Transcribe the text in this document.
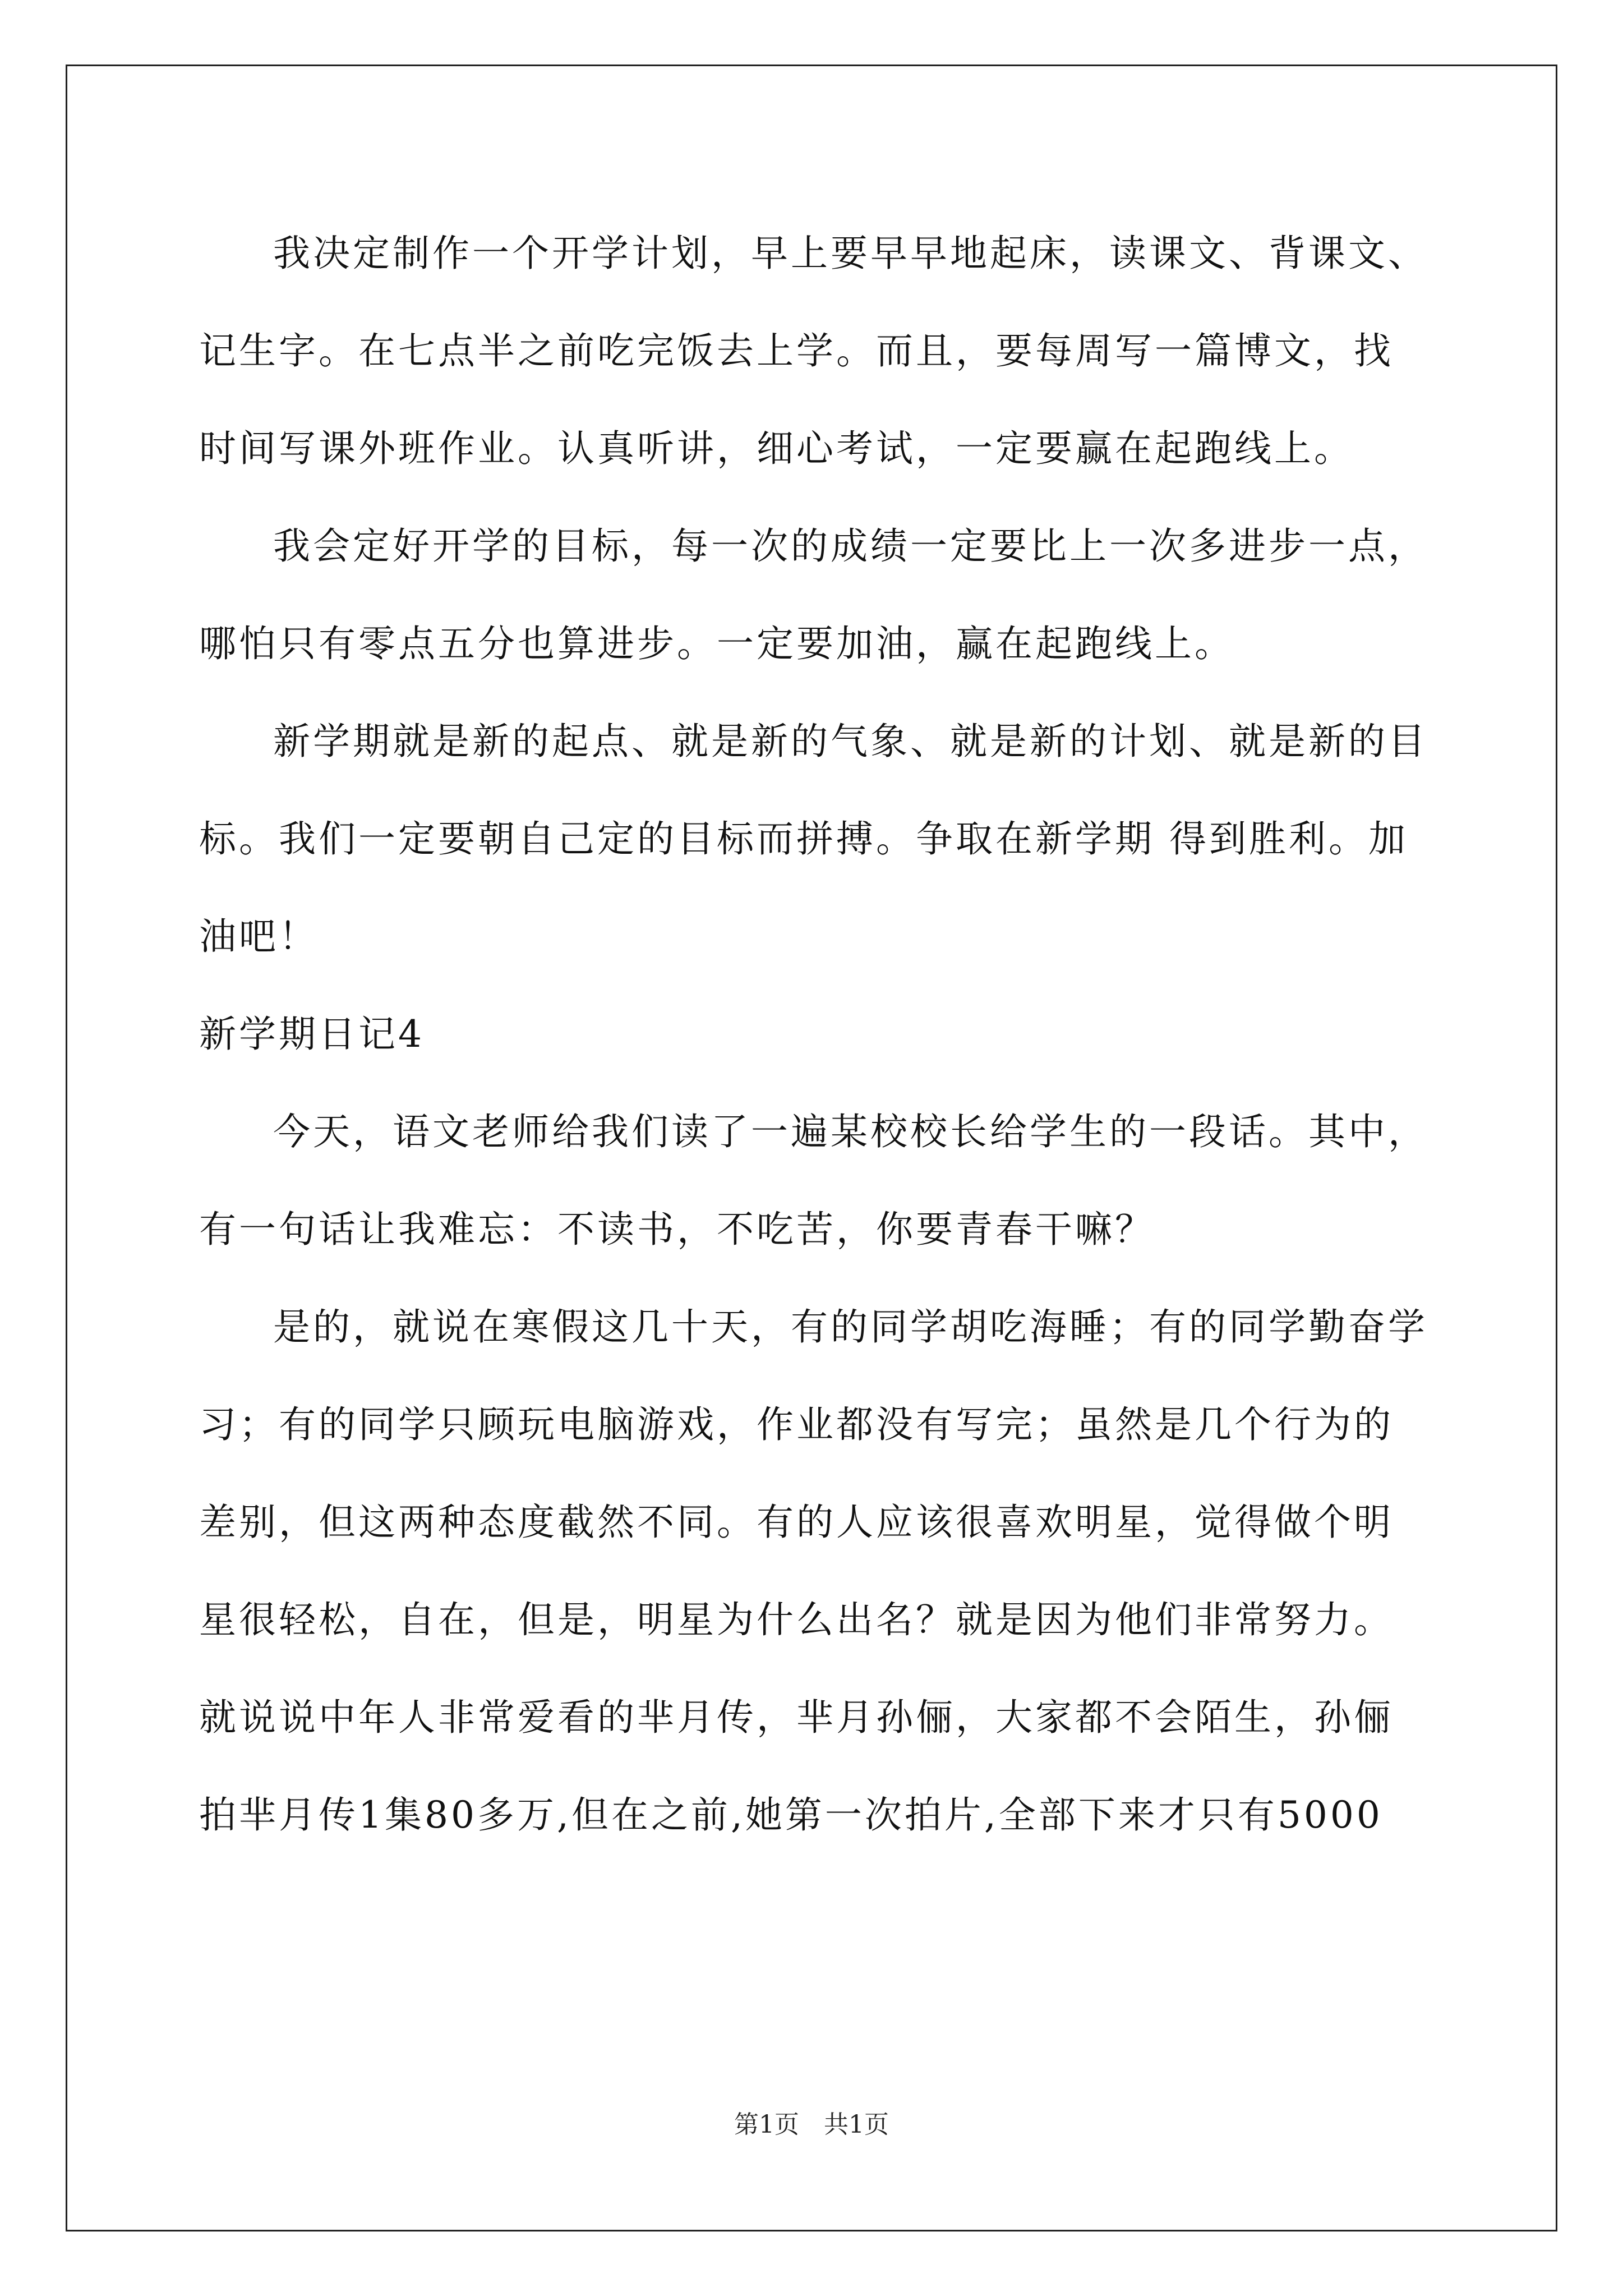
我决定制作一个开学计划，早上要早早地起床，读课文、背课文、记生字。在七点半之前吃完饭去上学。而且，要每周写一篇博文，找时间写课外班作业。认真听讲，细心考试，一定要赢在起跑线上。

我会定好开学的目标，每一次的成绩一定要比上一次多进步一点，哪怕只有零点五分也算进步。一定要加油，赢在起跑线上。

新学期就是新的起点、就是新的气象、就是新的计划、就是新的目标。我们一定要朝自己定的目标而拼搏。争取在新学期 得到胜利。加油吧！

新学期日记4

今天，语文老师给我们读了一遍某校校长给学生的一段话。其中，有一句话让我难忘：不读书，不吃苦，你要青春干嘛？

是的，就说在寒假这几十天，有的同学胡吃海睡；有的同学勤奋学习；有的同学只顾玩电脑游戏，作业都没有写完；虽然是几个行为的差别，但这两种态度截然不同。有的人应该很喜欢明星，觉得做个明星很轻松，自在，但是，明星为什么出名？就是因为他们非常努力。就说说中年人非常爱看的芈月传，芈月孙俪，大家都不会陌生，孙俪拍芈月传1集80多万,但在之前,她第一次拍片,全部下来才只有5000

第1页　共1页
